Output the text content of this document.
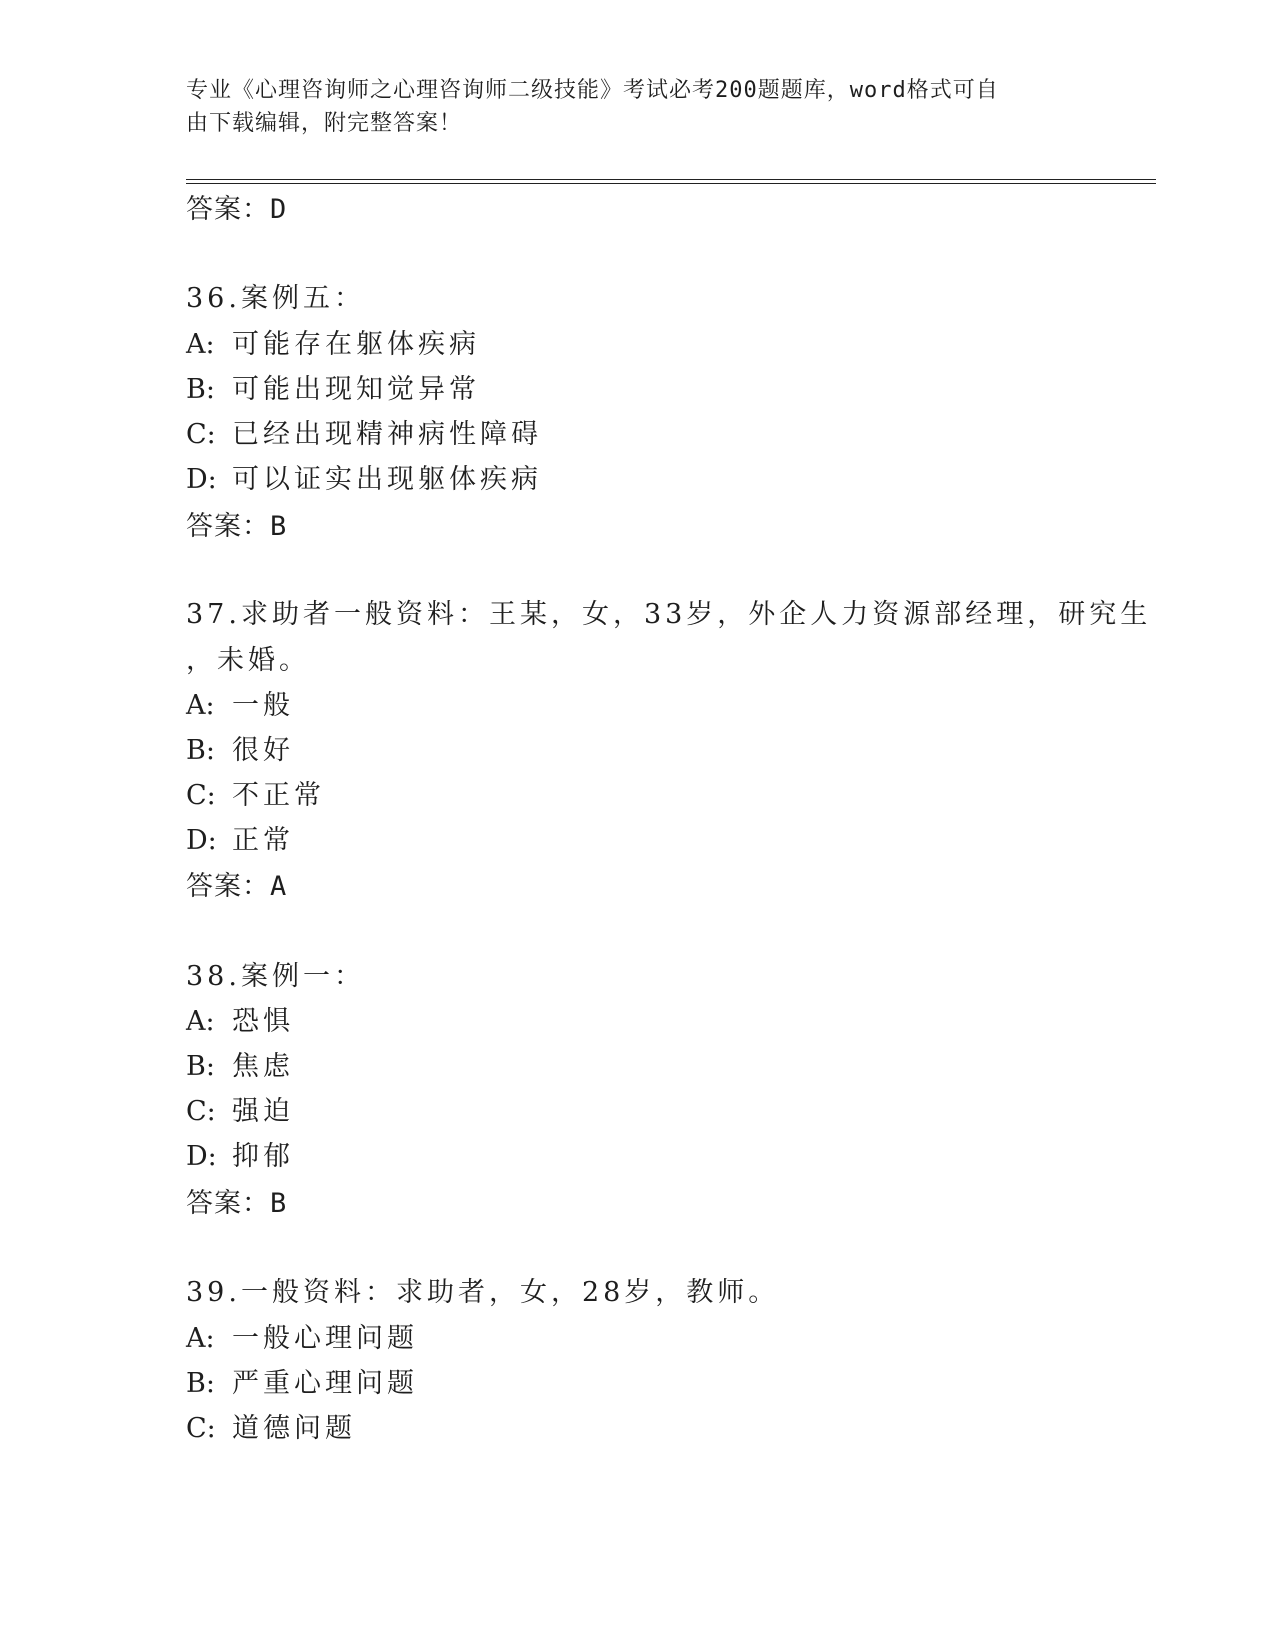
专业《心理咨询师之心理咨询师二级技能》考试必考200题题库，word格式可自
由下载编辑，附完整答案！
答案：D
36.案例五：
A: 可能存在躯体疾病
B: 可能出现知觉异常
C: 已经出现精神病性障碍
D: 可以证实出现躯体疾病
答案：B
37.求助者一般资料：王某，女，33岁，外企人力资源部经理，研究生
，未婚。
A: 一般
B: 很好
C: 不正常
D: 正常
答案：A
38.案例一：
A: 恐惧
B: 焦虑
C: 强迫
D: 抑郁
答案：B
39.一般资料：求助者，女，28岁，教师。
A: 一般心理问题
B: 严重心理问题
C: 道德问题
